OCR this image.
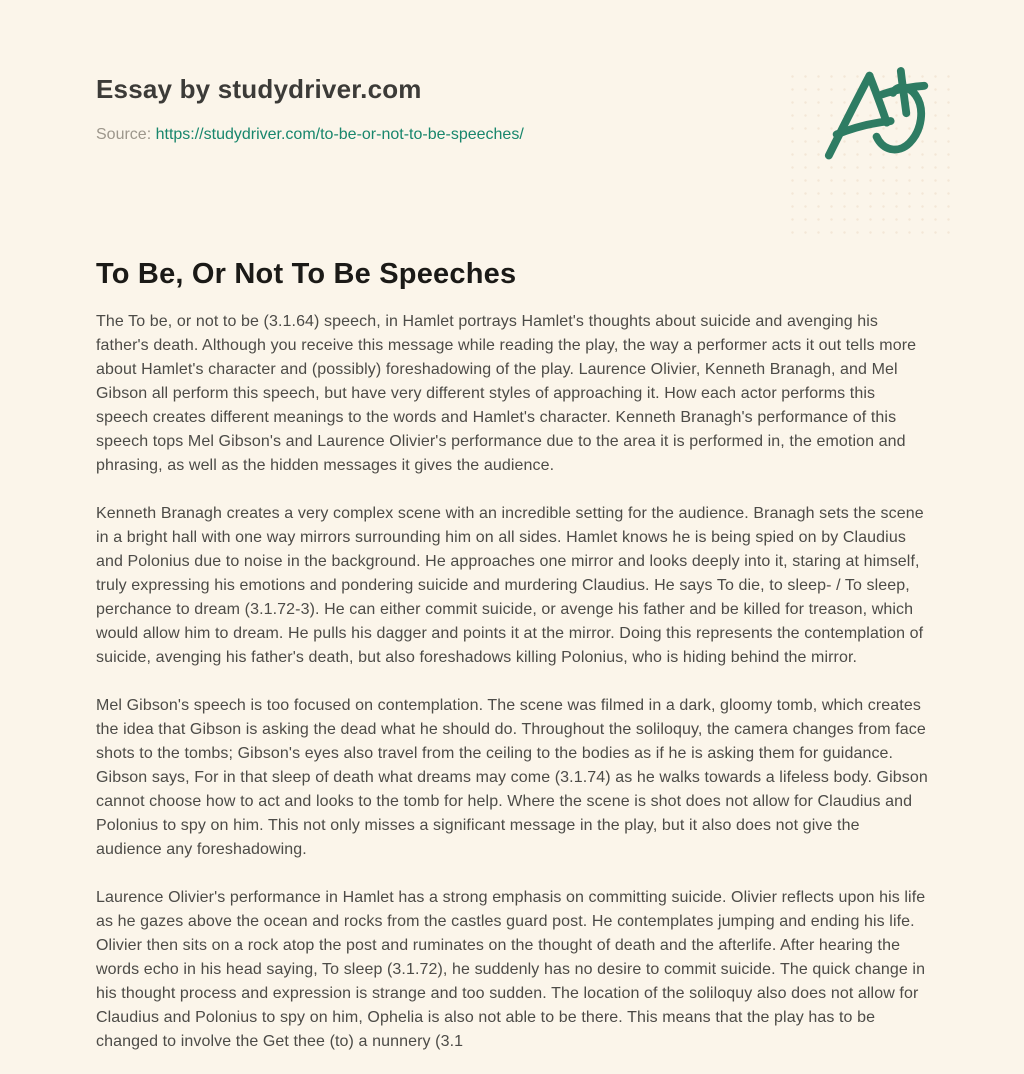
Essay by studydriver.com
Source: https://studydriver.com/to-be-or-not-to-be-speeches/
To Be, Or Not To Be Speeches

The To be, or not to be (3.1.64) speech, in Hamlet portrays Hamlet's thoughts about suicide and avenging his father's death. Although you receive this message while reading the play, the way a performer acts it out tells more about Hamlet's character and (possibly) foreshadowing of the play. Laurence Olivier, Kenneth Branagh, and Mel Gibson all perform this speech, but have very different styles of approaching it. How each actor performs this speech creates different meanings to the words and Hamlet's character. Kenneth Branagh's performance of this speech tops Mel Gibson's and Laurence Olivier's performance due to the area it is performed in, the emotion and phrasing, as well as the hidden messages it gives the audience.

Kenneth Branagh creates a very complex scene with an incredible setting for the audience. Branagh sets the scene in a bright hall with one way mirrors surrounding him on all sides. Hamlet knows he is being spied on by Claudius and Polonius due to noise in the background. He approaches one mirror and looks deeply into it, staring at himself, truly expressing his emotions and pondering suicide and murdering Claudius. He says To die, to sleep- / To sleep, perchance to dream (3.1.72-3). He can either commit suicide, or avenge his father and be killed for treason, which would allow him to dream. He pulls his dagger and points it at the mirror. Doing this represents the contemplation of suicide, avenging his father's death, but also foreshadows killing Polonius, who is hiding behind the mirror.

Mel Gibson's speech is too focused on contemplation. The scene was filmed in a dark, gloomy tomb, which creates the idea that Gibson is asking the dead what he should do. Throughout the soliloquy, the camera changes from face shots to the tombs; Gibson's eyes also travel from the ceiling to the bodies as if he is asking them for guidance. Gibson says, For in that sleep of death what dreams may come (3.1.74) as he walks towards a lifeless body. Gibson cannot choose how to act and looks to the tomb for help. Where the scene is shot does not allow for Claudius and Polonius to spy on him. This not only misses a significant message in the play, but it also does not give the audience any foreshadowing.

Laurence Olivier's performance in Hamlet has a strong emphasis on committing suicide. Olivier reflects upon his life as he gazes above the ocean and rocks from the castles guard post. He contemplates jumping and ending his life. Olivier then sits on a rock atop the post and ruminates on the thought of death and the afterlife. After hearing the words echo in his head saying, To sleep (3.1.72), he suddenly has no desire to commit suicide. The quick change in his thought process and expression is strange and too sudden. The location of the soliloquy also does not allow for Claudius and Polonius to spy on him, Ophelia is also not able to be there. This means that the play has to be changed to involve the Get thee (to) a nunnery (3.1
